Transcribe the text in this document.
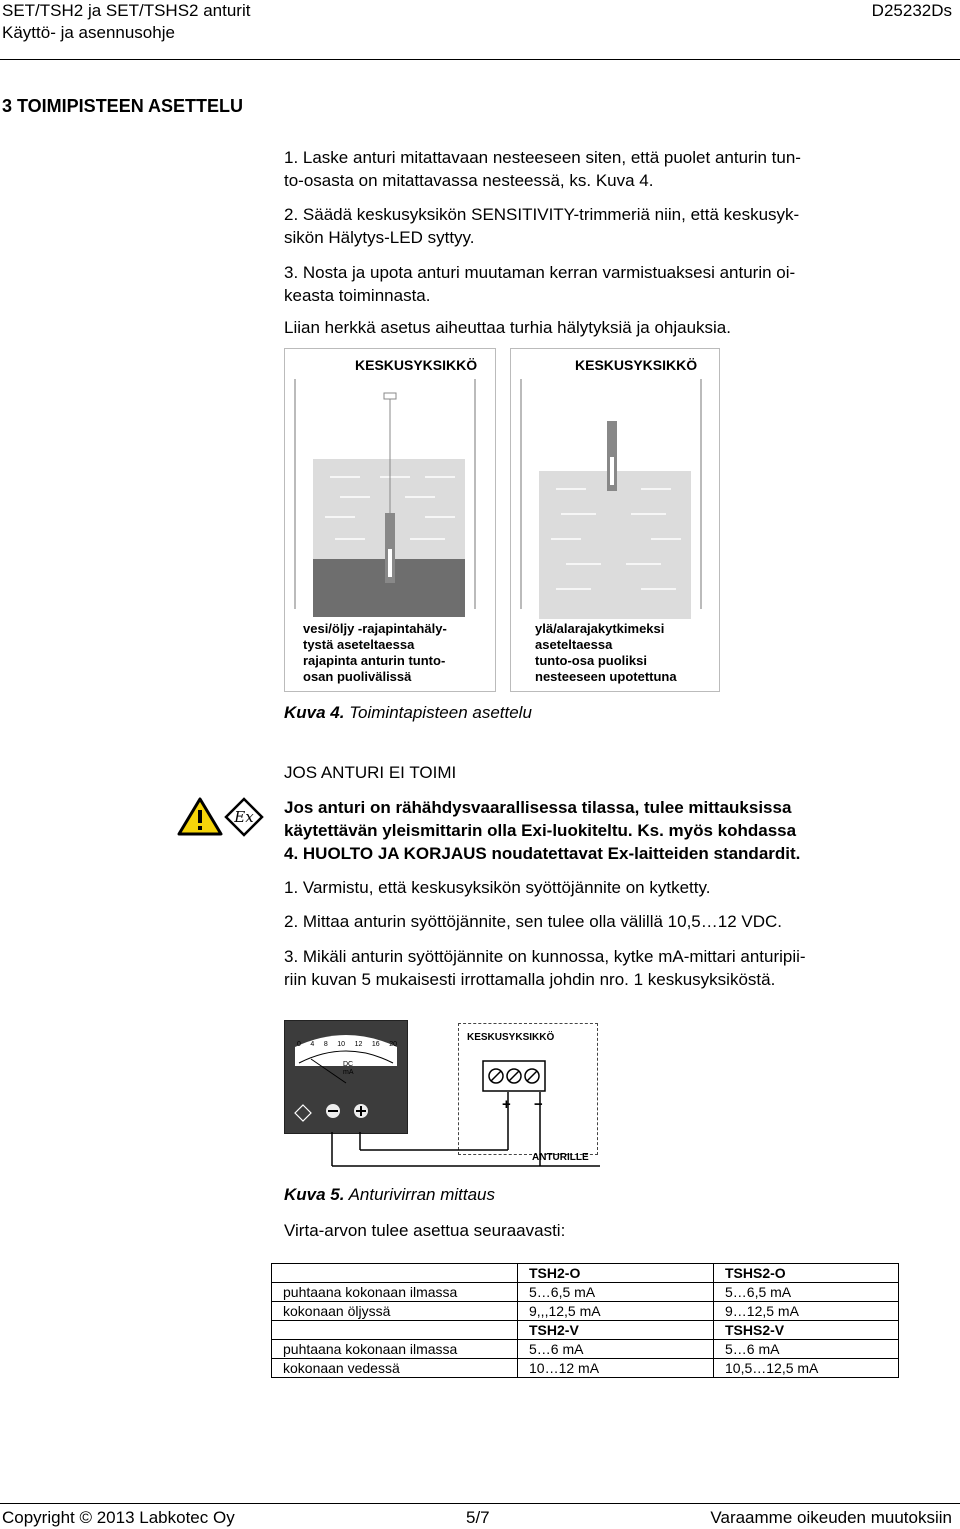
SET/TSH2 ja SET/TSHS2 anturit
Käyttö- ja asennusohje
D25232Ds
3 TOIMIPISTEEN ASETTELU
1. Laske anturi mitattavaan nesteeseen siten, että puolet anturin tun-
to-osasta on mitattavassa nesteessä, ks. Kuva 4.
2. Säädä keskusyksikön SENSITIVITY-trimmeriä niin, että keskusyk-
sikön Hälytys-LED syttyy.
3. Nosta ja upota anturi muutaman kerran varmistuaksesi anturin oi-
keasta toiminnasta.
Liian herkkä asetus aiheuttaa turhia hälytyksiä ja ohjauksia.
KESKUSYKSIKKÖ
vesi/öljy -rajapintahäly-
tystä aseteltaessa
rajapinta anturin tunto-
osan puolivälissä
KESKUSYKSIKKÖ
ylä/alarajakytkimeksi
aseteltaessa
tunto-osa puoliksi
nesteeseen upotettuna
Kuva 4. Toimintapisteen asettelu
JOS ANTURI EI TOIMI
Ex Jos anturi on rähähdysvaarallisessa tilassa, tulee mittauksissa
käytettävän yleismittarin olla Exi-luokiteltu. Ks. myös kohdassa
4. HUOLTO JA KORJAUS noudatettavat Ex-laitteiden standardit.
1. Varmistu, että keskusyksikön syöttöjännite on kytketty.
2. Mittaa anturin syöttöjännite, sen tulee olla välillä 10,5…12 VDC.
3. Mikäli anturin syöttöjännite on kunnossa, kytke mA-mittari anturipii-
riin kuvan 5 mukaisesti irrottamalla johdin nro. 1 keskusyksiköstä.
0 4 8 10 12 16 20
DC
mA
KESKUSYKSIKKÖ
+ −
ANTURILLE
Kuva 5. Anturivirran mittaus
Virta-arvon tulee asettua seuraavasti:
	TSH2-O	TSHS2-O
puhtaana kokonaan ilmassa	5…6,5 mA	5…6,5 mA
kokonaan öljyssä	9,,,12,5 mA	9…12,5 mA
	TSH2-V	TSHS2-V
puhtaana kokonaan ilmassa	5…6 mA	5…6 mA
kokonaan vedessä	10…12 mA	10,5…12,5 mA
Copyright © 2013 Labkotec Oy	5/7	Varaamme oikeuden muutoksiin
